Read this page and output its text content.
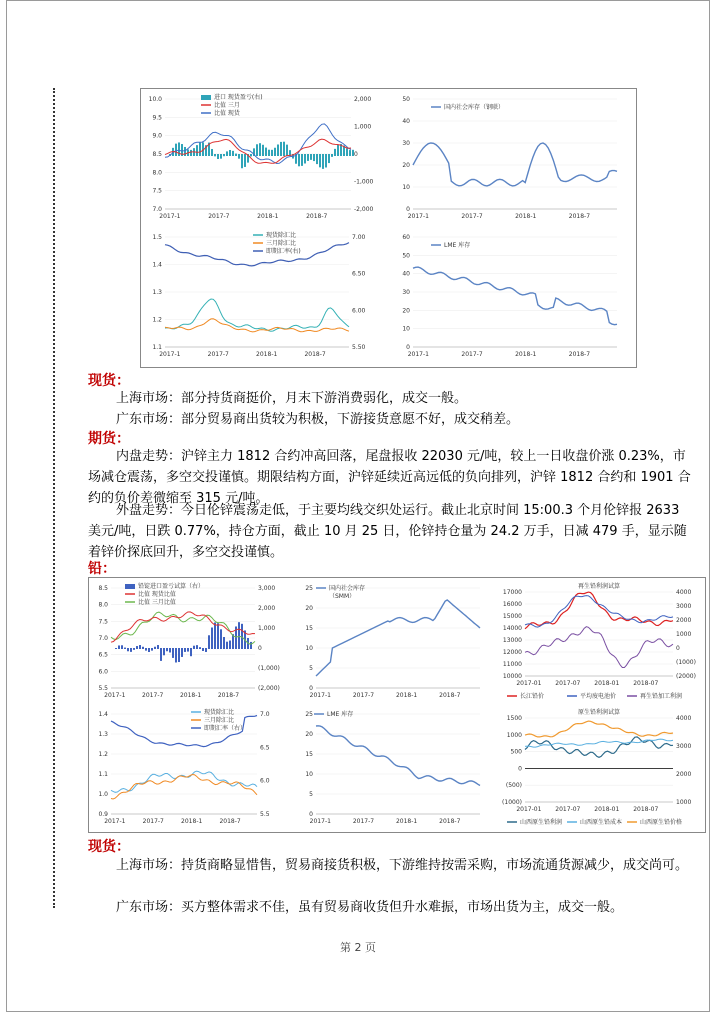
10.0
9.5
9.0
8.5
8.0
7.5
7.0
2,000
1,000
0
-1,000
-2,000
2017-1	2017-7	2018-1	2018-7
进口 现货盈亏(右)
比值 三月
比值 现货
50
40
30
20
10
0
2017-1	2017-7	2018-1	2018-7
国内社会库存（钢联）
1.5
1.4
1.3
1.2
1.1
7.00
6.50
6.00
5.50
2017-1	2017-7	2018-1	2018-7
现货除汇比
三月除汇比
即期汇率(右)
60
50
40
30
20
10
0
2017-1	2017-7	2018-1	2018-7
LME 库存
现货：

上海市场：部分持货商挺价，月末下游消费弱化，成交一般。

广东市场：部分贸易商出货较为积极，下游接货意愿不好，成交稍差。

期货：

内盘走势：沪锌主力 1812 合约冲高回落，尾盘报收 22030 元/吨，较上一日收盘价涨 0.23%，市场减仓震荡，多空交投谨慎。期限结构方面，沪锌延续近高远低的负向排列，沪锌 1812 合约和 1901 合约的负价差微缩至 315 元/吨。

外盘走势：今日伦锌震荡走低，于主要均线交织处运行。截止北京时间 15:00.3 个月伦锌报 2633 美元/吨，日跌 0.77%，持仓方面，截止 10 月 25 日，伦锌持仓量为 24.2 万手，日减 479 手，显示随着锌价探底回升，多空交投谨慎。

铅：
8.5
8.0
7.5
7.0
6.5
6.0
5.5
3,000
2,000
1,000
0
(1,000)
(2,000)
2017-1	2017-7	2018-1	2018-7
铅锭进口盈亏试算（右）
比值 现货比值
比值 三月比值
25
20
15
10
5
0
2017-1	2017-7	2018-1	2018-7
国内社会库存
（SMM）
17000
16000
15000
14000
13000
12000
11000
10000
4000
3000
2000
1000
0
(1000)
(2000)
2017-01 2017-07 2018-01 2018-07
再生铅利润试算
长江铅价	平均废电池价	再生铅加工利润
1.4
1.3
1.2
1.1
1.0
0.9
7.0
6.5
6.0
5.5
2017-1	2017-7	2018-1	2018-7
现货除汇比
三月除汇比
即期汇率（右）
25
20
15
10
5
0
2017-1	2017-7	2018-1	2018-7
LME 库存
1500
1000
500
0
(500)
(1000)
4000
3000
2000
1000
2017-01 2017-07 2018-01 2018-07
原生铅利润试算
山西原生铅利润	山西原生铅成本	山西原生铅价格
现货：

上海市场：持货商略显惜售，贸易商接货积极，下游维持按需采购，市场流通货源减少，成交尚可。

广东市场：买方整体需求不佳，虽有贸易商收货但升水难振，市场出货为主，成交一般。

第 2 页
